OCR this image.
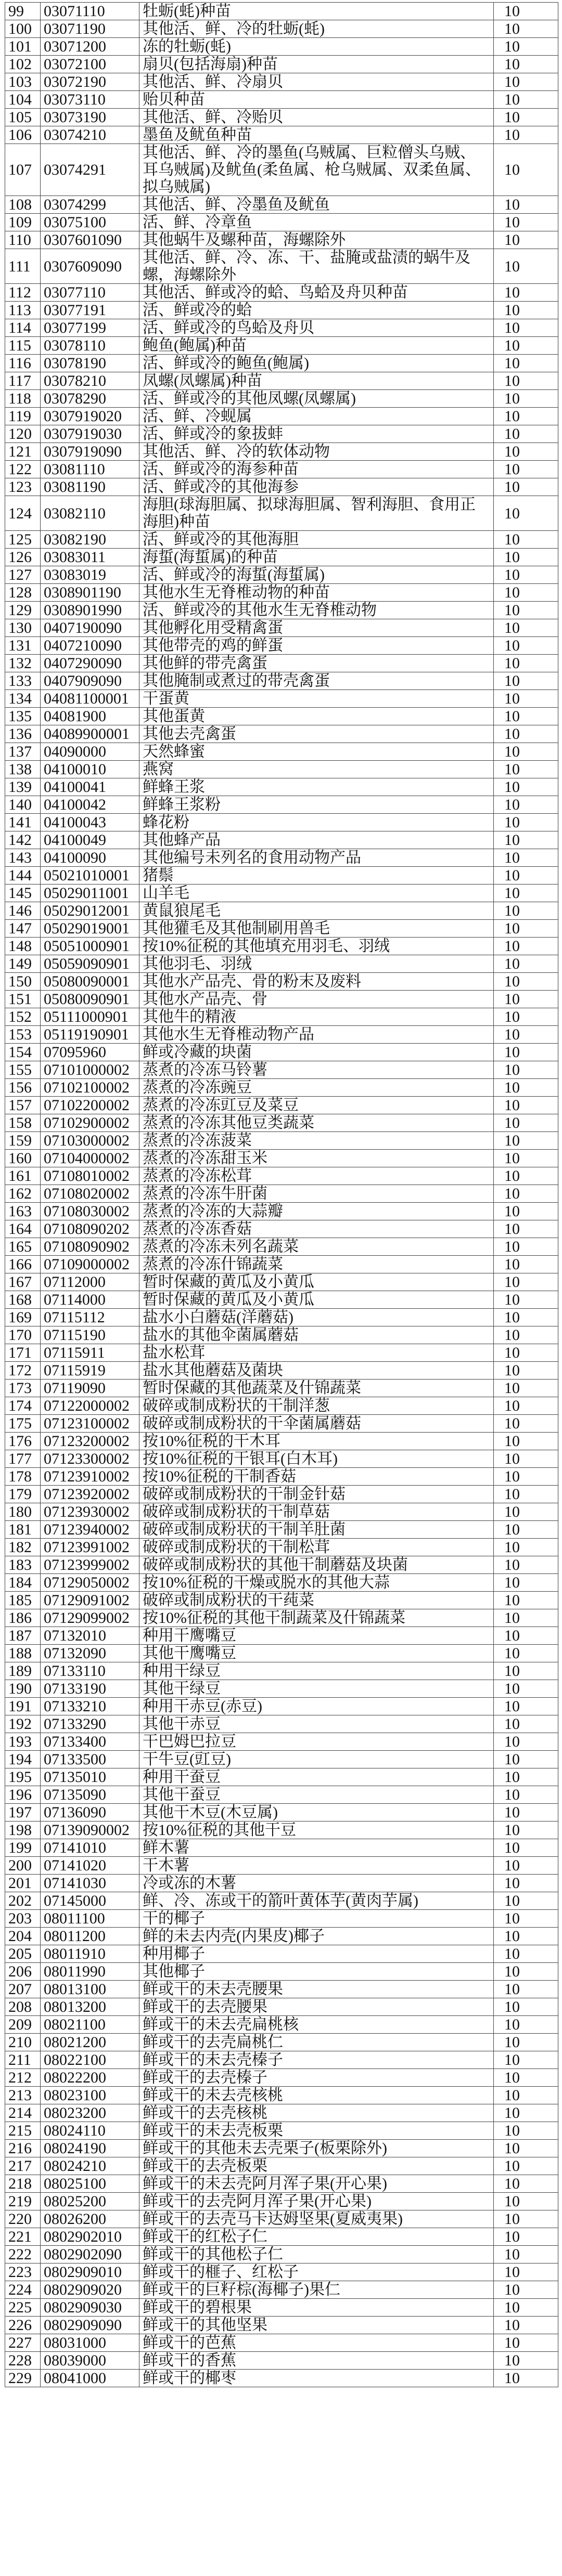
99	03071110	牡蛎(蚝)种苗	10
100	03071190	其他活、鲜、冷的牡蛎(蚝)	10
101	03071200	冻的牡蛎(蚝)	10
102	03072100	扇贝(包括海扇)种苗	10
103	03072190	其他活、鲜、冷扇贝	10
104	03073110	贻贝种苗	10
105	03073190	其他活、鲜、冷贻贝	10
106	03074210	墨鱼及鱿鱼种苗	10
107	03074291	其他活、鲜、冷的墨鱼(乌贼属、巨粒僧头乌贼、耳乌贼属)及鱿鱼(柔鱼属、枪乌贼属、双柔鱼属、拟乌贼属)	10
108	03074299	其他活、鲜、冷墨鱼及鱿鱼	10
109	03075100	活、鲜、冷章鱼	10
110	0307601090	其他蜗牛及螺种苗，海螺除外	10
111	0307609090	其他活、鲜、冷、冻、干、盐腌或盐渍的蜗牛及螺，海螺除外	10
112	03077110	其他活、鲜或冷的蛤、鸟蛤及舟贝种苗	10
113	03077191	活、鲜或冷的蛤	10
114	03077199	活、鲜或冷的鸟蛤及舟贝	10
115	03078110	鲍鱼(鲍属)种苗	10
116	03078190	活、鲜或冷的鲍鱼(鲍属)	10
117	03078210	凤螺(凤螺属)种苗	10
118	03078290	活、鲜或冷的其他凤螺(凤螺属)	10
119	0307919020	活、鲜、冷蚬属	10
120	0307919030	活、鲜或冷的象拔蚌	10
121	0307919090	其他活、鲜、冷的软体动物	10
122	03081110	活、鲜或冷的海参种苗	10
123	03081190	活、鲜或冷的其他海参	10
124	03082110	海胆(球海胆属、拟球海胆属、智利海胆、食用正海胆)种苗	10
125	03082190	活、鲜或冷的其他海胆	10
126	03083011	海蜇(海蜇属)的种苗	10
127	03083019	活、鲜或冷的海蜇(海蜇属)	10
128	0308901190	其他水生无脊椎动物的种苗	10
129	0308901990	活、鲜或冷的其他水生无脊椎动物	10
130	0407190090	其他孵化用受精禽蛋	10
131	0407210090	其他带壳的鸡的鲜蛋	10
132	0407290090	其他鲜的带壳禽蛋	10
133	0407909090	其他腌制或煮过的带壳禽蛋	10
134	04081100001	干蛋黄	10
135	04081900	其他蛋黄	10
136	04089900001	其他去壳禽蛋	10
137	04090000	天然蜂蜜	10
138	04100010	燕窝	10
139	04100041	鲜蜂王浆	10
140	04100042	鲜蜂王浆粉	10
141	04100043	蜂花粉	10
142	04100049	其他蜂产品	10
143	04100090	其他编号未列名的食用动物产品	10
144	05021010001	猪鬃	10
145	05029011001	山羊毛	10
146	05029012001	黄鼠狼尾毛	10
147	05029019001	其他獾毛及其他制刷用兽毛	10
148	05051000901	按10%征税的其他填充用羽毛、羽绒	10
149	05059090901	其他羽毛、羽绒	10
150	05080090001	其他水产品壳、骨的粉末及废料	10
151	05080090901	其他水产品壳、骨	10
152	05111000901	其他牛的精液	10
153	05119190901	其他水生无脊椎动物产品	10
154	07095960	鲜或冷藏的块菌	10
155	07101000002	蒸煮的冷冻马铃薯	10
156	07102100002	蒸煮的冷冻豌豆	10
157	07102200002	蒸煮的冷冻豇豆及菜豆	10
158	07102900002	蒸煮的冷冻其他豆类蔬菜	10
159	07103000002	蒸煮的冷冻菠菜	10
160	07104000002	蒸煮的冷冻甜玉米	10
161	07108010002	蒸煮的冷冻松茸	10
162	07108020002	蒸煮的冷冻牛肝菌	10
163	07108030002	蒸煮的冷冻的大蒜瓣	10
164	07108090202	蒸煮的冷冻香菇	10
165	07108090902	蒸煮的冷冻未列名蔬菜	10
166	07109000002	蒸煮的冷冻什锦蔬菜	10
167	07112000	暂时保藏的黄瓜及小黄瓜	10
168	07114000	暂时保藏的黄瓜及小黄瓜	10
169	07115112	盐水小白蘑菇(洋蘑菇)	10
170	07115190	盐水的其他伞菌属蘑菇	10
171	07115911	盐水松茸	10
172	07115919	盐水其他蘑菇及菌块	10
173	07119090	暂时保藏的其他蔬菜及什锦蔬菜	10
174	07122000002	破碎或制成粉状的干制洋葱	10
175	07123100002	破碎或制成粉状的干伞菌属蘑菇	10
176	07123200002	按10%征税的干木耳	10
177	07123300002	按10%征税的干银耳(白木耳)	10
178	07123910002	按10%征税的干制香菇	10
179	07123920002	破碎或制成粉状的干制金针菇	10
180	07123930002	破碎或制成粉状的干制草菇	10
181	07123940002	破碎或制成粉状的干制羊肚菌	10
182	07123991002	破碎或制成粉状的干制松茸	10
183	07123999002	破碎或制成粉状的其他干制蘑菇及块菌	10
184	07129050002	按10%征税的干燥或脱水的其他大蒜	10
185	07129091002	破碎或制成粉状的干莼菜	10
186	07129099002	按10%征税的其他干制蔬菜及什锦蔬菜	10
187	07132010	种用干鹰嘴豆	10
188	07132090	其他干鹰嘴豆	10
189	07133110	种用干绿豆	10
190	07133190	其他干绿豆	10
191	07133210	种用干赤豆(赤豆)	10
192	07133290	其他干赤豆	10
193	07133400	干巴姆巴拉豆	10
194	07133500	干牛豆(豇豆)	10
195	07135010	种用干蚕豆	10
196	07135090	其他干蚕豆	10
197	07136090	其他干木豆(木豆属)	10
198	07139090002	按10%征税的其他干豆	10
199	07141010	鲜木薯	10
200	07141020	干木薯	10
201	07141030	冷或冻的木薯	10
202	07145000	鲜、冷、冻或干的箭叶黄体芋(黄肉芋属)	10
203	08011100	干的椰子	10
204	08011200	鲜的未去内壳(内果皮)椰子	10
205	08011910	种用椰子	10
206	08011990	其他椰子	10
207	08013100	鲜或干的未去壳腰果	10
208	08013200	鲜或干的去壳腰果	10
209	08021100	鲜或干的未去壳扁桃核	10
210	08021200	鲜或干的去壳扁桃仁	10
211	08022100	鲜或干的未去壳榛子	10
212	08022200	鲜或干的去壳榛子	10
213	08023100	鲜或干的未去壳核桃	10
214	08023200	鲜或干的去壳核桃	10
215	08024110	鲜或干的未去壳板栗	10
216	08024190	鲜或干的其他未去壳栗子(板栗除外)	10
217	08024210	鲜或干的去壳板栗	10
218	08025100	鲜或干的未去壳阿月浑子果(开心果)	10
219	08025200	鲜或干的去壳阿月浑子果(开心果)	10
220	08026200	鲜或干的去壳马卡达姆坚果(夏威夷果)	10
221	0802902010	鲜或干的红松子仁	10
222	0802902090	鲜或干的其他松子仁	10
223	0802909010	鲜或干的榧子、红松子	10
224	0802909020	鲜或干的巨籽棕(海椰子)果仁	10
225	0802909030	鲜或干的碧根果	10
226	0802909090	鲜或干的其他坚果	10
227	08031000	鲜或干的芭蕉	10
228	08039000	鲜或干的香蕉	10
229	08041000	鲜或干的椰枣	10
